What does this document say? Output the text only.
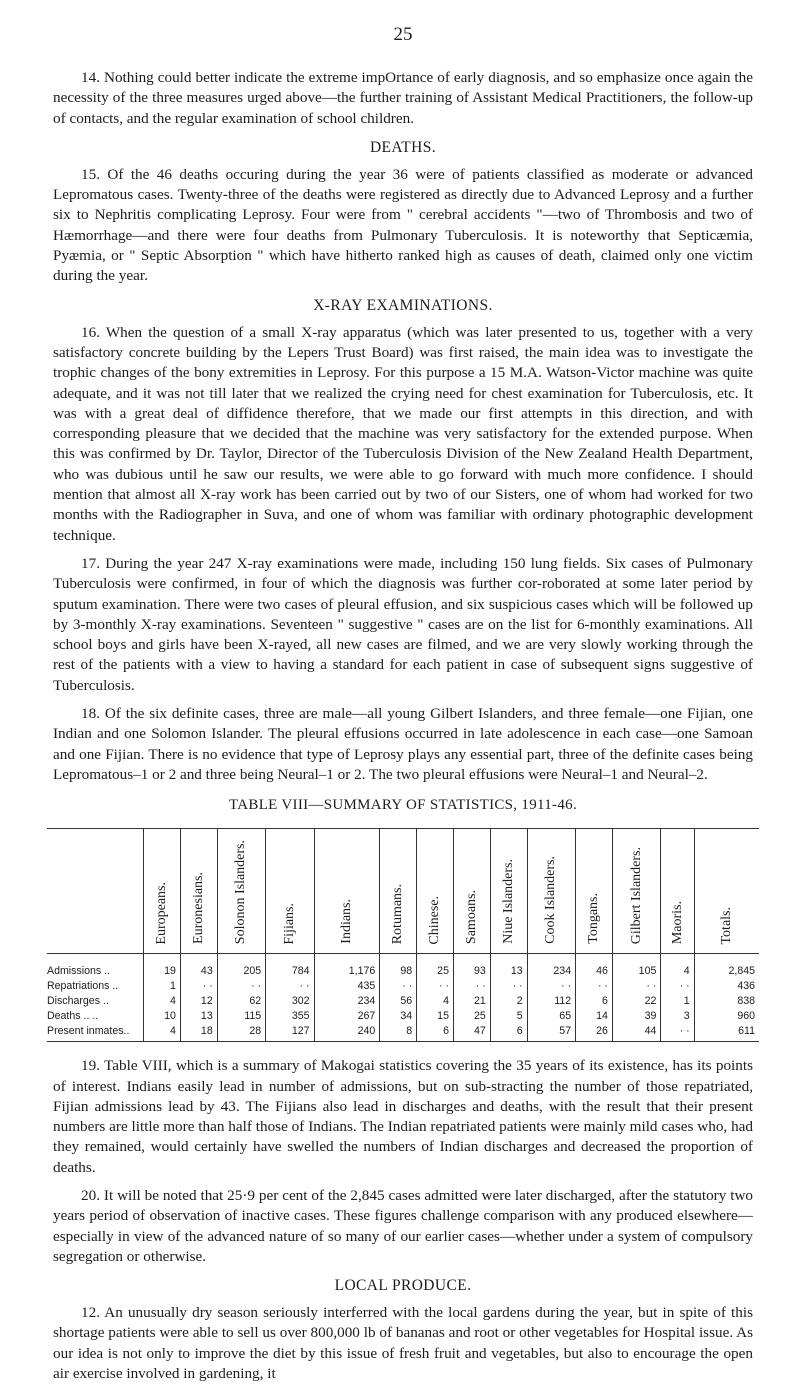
25

14. Nothing could better indicate the extreme impOrtance of early diagnosis, and so emphasize once again the necessity of the three measures urged above—the further training of Assistant Medical Practitioners, the follow-up of contacts, and the regular examination of school children.

DEATHS.

15. Of the 46 deaths occuring during the year 36 were of patients classified as moderate or advanced Lepromatous cases. Twenty-three of the deaths were registered as directly due to Advanced Leprosy and a further six to Nephritis complicating Leprosy. Four were from " cerebral accidents "—two of Thrombosis and two of Hæmorrhage—and there were four deaths from Pulmonary Tuberculosis. It is noteworthy that Septicæmia, Pyæmia, or " Septic Absorption " which have hitherto ranked high as causes of death, claimed only one victim during the year.

X-RAY EXAMINATIONS.

16. When the question of a small X-ray apparatus (which was later presented to us, together with a very satisfactory concrete building by the Lepers Trust Board) was first raised, the main idea was to investigate the trophic changes of the bony extremities in Leprosy. For this purpose a 15 M.A. Watson-Victor machine was quite adequate, and it was not till later that we realized the crying need for chest examination for Tuberculosis, etc. It was with a great deal of diffidence therefore, that we made our first attempts in this direction, and with corresponding pleasure that we decided that the machine was very satisfactory for the extended purpose. When this was confirmed by Dr. Taylor, Director of the Tuberculosis Division of the New Zealand Health Department, who was dubious until he saw our results, we were able to go forward with much more confidence. I should mention that almost all X-ray work has been carried out by two of our Sisters, one of whom had worked for two months with the Radiographer in Suva, and one of whom was familiar with ordinary photographic development technique.

17. During the year 247 X-ray examinations were made, including 150 lung fields. Six cases of Pulmonary Tuberculosis were confirmed, in four of which the diagnosis was further cor-roborated at some later period by sputum examination. There were two cases of pleural effusion, and six suspicious cases which will be followed up by 3-monthly X-ray examinations. Seventeen " suggestive " cases are on the list for 6-monthly examinations. All school boys and girls have been X-rayed, all new cases are filmed, and we are very slowly working through the rest of the patients with a view to having a standard for each patient in case of subsequent signs suggestive of Tuberculosis.

18. Of the six definite cases, three are male—all young Gilbert Islanders, and three female—one Fijian, one Indian and one Solomon Islander. The pleural effusions occurred in late adolescence in each case—one Samoan and one Fijian. There is no evidence that type of Leprosy plays any essential part, three of the definite cases being Lepromatous–1 or 2 and three being Neural–1 or 2. The two pleural effusions were Neural–1 and Neural–2.

TABLE VIII—SUMMARY OF STATISTICS, 1911-46.
	Europeans.	Euronesians.	Solonon Islanders.	Fijians.	Indians.	Rotumans.	Chinese.	Samoans.	Niue Islanders.	Cook Islanders.	Tongans.	Gilbert Islanders.	Maoris.	Totals.
Admissions ..	19	43	205	784	1,176	98	25	93	13	234	46	105	4	2,845
Repatriations ..	1	· ·	· ·	· ·	435	· ·	· ·	· ·	· ·	· ·	· ·	· ·	· ·	436
Discharges ..	4	12	62	302	234	56	4	21	2	112	6	22	1	838
Deaths .. ..	10	13	115	355	267	34	15	25	5	65	14	39	3	960
Present inmates..	4	18	28	127	240	8	6	47	6	57	26	44	· ·	611

19. Table VIII, which is a summary of Makogai statistics covering the 35 years of its existence, has its points of interest. Indians easily lead in number of admissions, but on sub-stracting the number of those repatriated, Fijian admissions lead by 43. The Fijians also lead in discharges and deaths, with the result that their present numbers are little more than half those of Indians. The Indian repatriated patients were mainly mild cases who, had they remained, would certainly have swelled the numbers of Indian discharges and decreased the proportion of deaths.

20. It will be noted that 25·9 per cent of the 2,845 cases admitted were later discharged, after the statutory two years period of observation of inactive cases. These figures challenge comparison with any produced elsewhere—especially in view of the advanced nature of so many of our earlier cases—whether under a system of compulsory segregation or otherwise.

LOCAL PRODUCE.

12. An unusually dry season seriously interferred with the local gardens during the year, but in spite of this shortage patients were able to sell us over 800,000 lb of bananas and root or other vegetables for Hospital issue. As our idea is not only to improve the diet by this issue of fresh fruit and vegetables, but also to encourage the open air exercise involved in gardening, it
